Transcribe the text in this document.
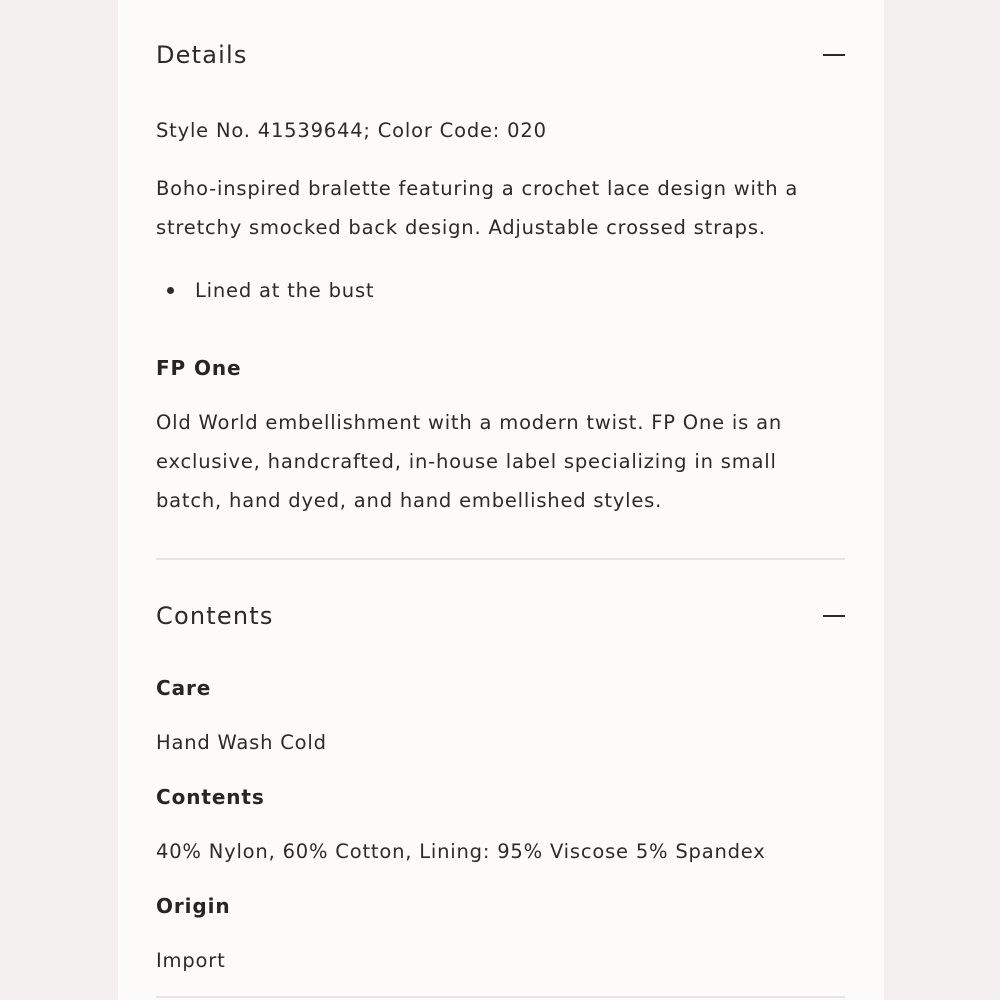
Details
Style No. 41539644; Color Code: 020
Boho-inspired bralette featuring a crochet lace design with a
stretchy smocked back design. Adjustable crossed straps.
Lined at the bust
FP One
Old World embellishment with a modern twist. FP One is an
exclusive, handcrafted, in-house label specializing in small
batch, hand dyed, and hand embellished styles.
Contents
Care
Hand Wash Cold
Contents
40% Nylon, 60% Cotton, Lining: 95% Viscose 5% Spandex
Origin
Import
